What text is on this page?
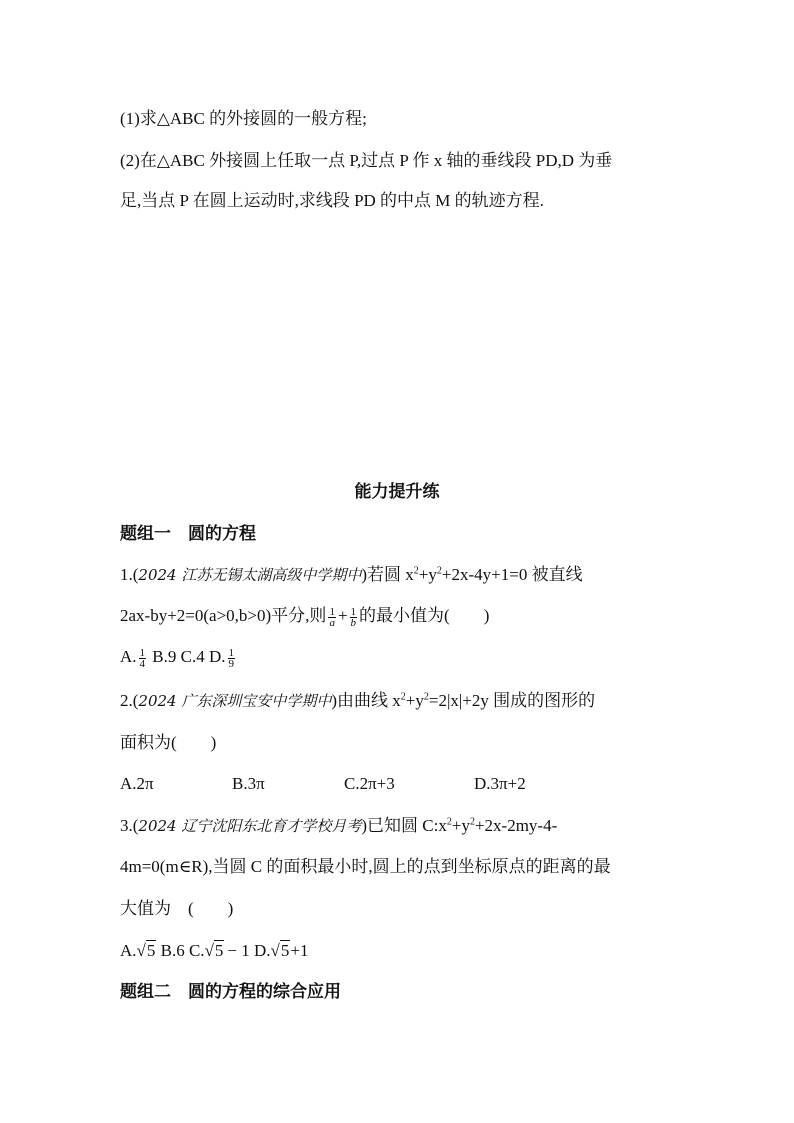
(1)求△ABC 的外接圆的一般方程;
(2)在△ABC 外接圆上任取一点 P,过点 P 作 x 轴的垂线段 PD,D 为垂
足,当点 P 在圆上运动时,求线段 PD 的中点 M 的轨迹方程.
能力提升练
题组一　圆的方程
1.(2024 江苏无锡太湖高级中学期中)若圆 $x^2+y^2+2x-4y+1=0$ 被直线
2ax-by+2=0(a>0,b>0)平分,则 $\frac{1}{a} + \frac{1}{b}$ 的最小值为(　　)
A. $\frac{1}{4} B.9$ C.4 D. $\frac{1}{9}$
2.(2024 广东深圳宝安中学期中)由曲线 $x^2+y^2=2|x|+2y$ 围成的图形的
面积为(　　)
A.2π	B.3π	C.2π+3	D.3π+2
3.(2024 辽宁沈阳东北育才学校月考)已知圆 $C:x^2+y^2+2x-2my-4-$
4m=0(m∈R),当圆 C 的面积最小时,圆上的点到坐标原点的距离的最
大值为　(　　)
A.√5 B.6 C.√5 − 1 D.√5+1
题组二　圆的方程的综合应用
